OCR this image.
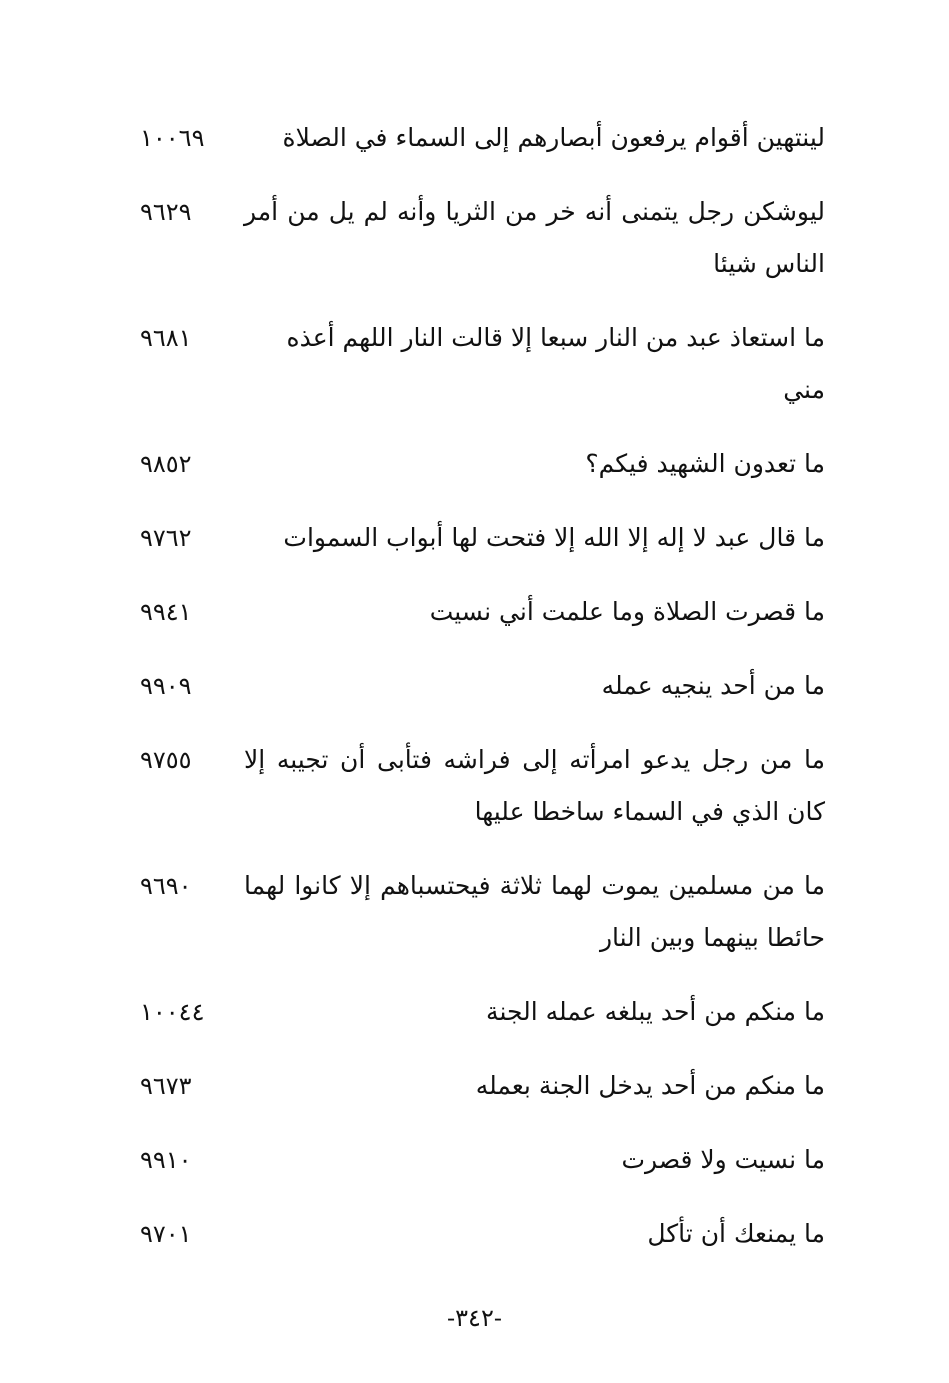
١٠٠٦٩	لينتهين أقوام يرفعون أبصارهم إلى السماء في الصلاة
٩٦٢٩	ليوشكن رجل يتمنى أنه خر من الثريا وأنه لم يل من أمر الناس شيئا
٩٦٨١	ما استعاذ عبد من النار سبعا إلا قالت النار اللهم أعذه مني
٩٨٥٢	ما تعدون الشهيد فيكم؟
٩٧٦٢	ما قال عبد لا إله إلا الله إلا فتحت لها أبواب السموات
٩٩٤١	ما قصرت الصلاة وما علمت أني نسيت
٩٩٠٩	ما من أحد ينجيه عمله
٩٧٥٥	ما من رجل يدعو امرأته إلى فراشه فتأبى أن تجيبه إلا كان الذي في السماء ساخطا عليها
٩٦٩٠	ما من مسلمين يموت لهما ثلاثة فيحتسباهم إلا كانوا لهما حائطا بينهما وبين النار
١٠٠٤٤	ما منكم من أحد يبلغه عمله الجنة
٩٦٧٣	ما منكم من أحد يدخل الجنة بعمله
٩٩١٠	ما نسيت ولا قصرت
٩٧٠١	ما يمنعك أن تأكل
-٣٤٢-
